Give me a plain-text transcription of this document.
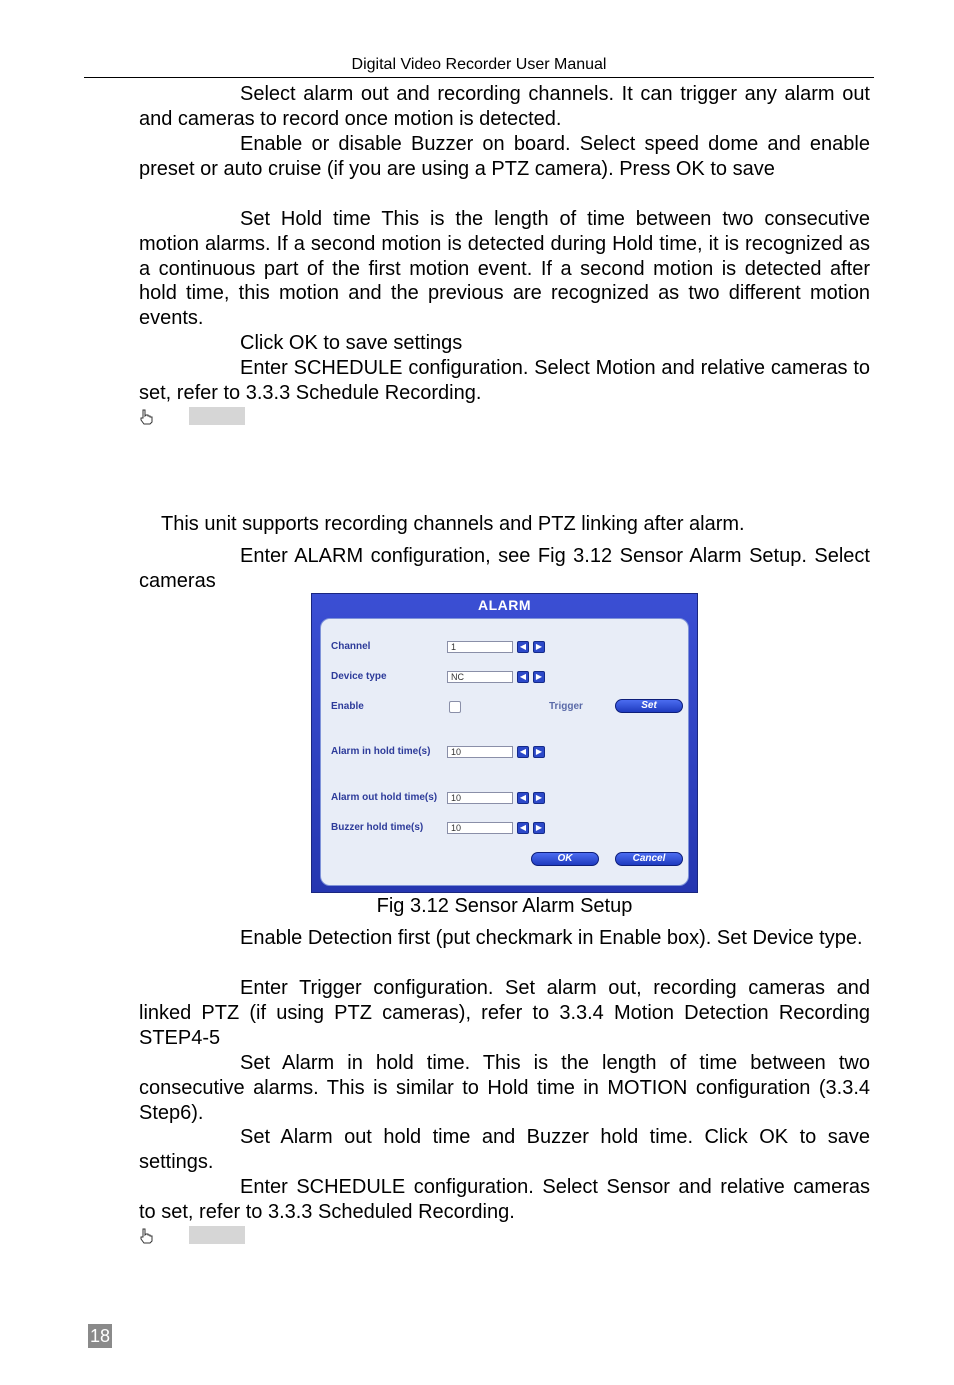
Digital Video Recorder User Manual

Select alarm out and recording channels. It can trigger any alarm out and cameras to record once motion is detected.

Enable or disable Buzzer on board. Select speed dome and enable preset or auto cruise (if you are using a PTZ camera). Press OK to save

Set Hold time This is the length of time between two consecutive motion alarms. If a second motion is detected during Hold time, it is recognized as a continuous part of the first motion event. If a second motion is detected after hold time, this motion and the previous are recognized as two different motion events.

Click OK to save settings

Enter SCHEDULE configuration. Select Motion and relative cameras to set, refer to 3.3.3 Schedule Recording.

This unit supports recording channels and PTZ linking after alarm.

Enter ALARM configuration, see Fig 3.12 Sensor Alarm Setup. Select cameras

ALARM
Channel	1	◀	▶
Device type	NC	◀	▶
Enable	Trigger	Set
Alarm in hold time(s)	10	◀	▶
Alarm out hold time(s)	10	◀	▶
Buzzer hold time(s)	10	◀	▶
OK	Cancel
Fig 3.12 Sensor Alarm Setup

Enable Detection first (put checkmark in Enable box). Set Device type.

Enter Trigger configuration. Set alarm out, recording cameras and linked PTZ (if using PTZ cameras), refer to 3.3.4 Motion Detection Recording STEP4-5

Set Alarm in hold time. This is the length of time between two consecutive alarms. This is similar to Hold time in MOTION configuration (3.3.4 Step6).

Set Alarm out hold time and Buzzer hold time. Click OK to save settings.

Enter SCHEDULE configuration. Select Sensor and relative cameras to set, refer to 3.3.3 Scheduled Recording.

18
